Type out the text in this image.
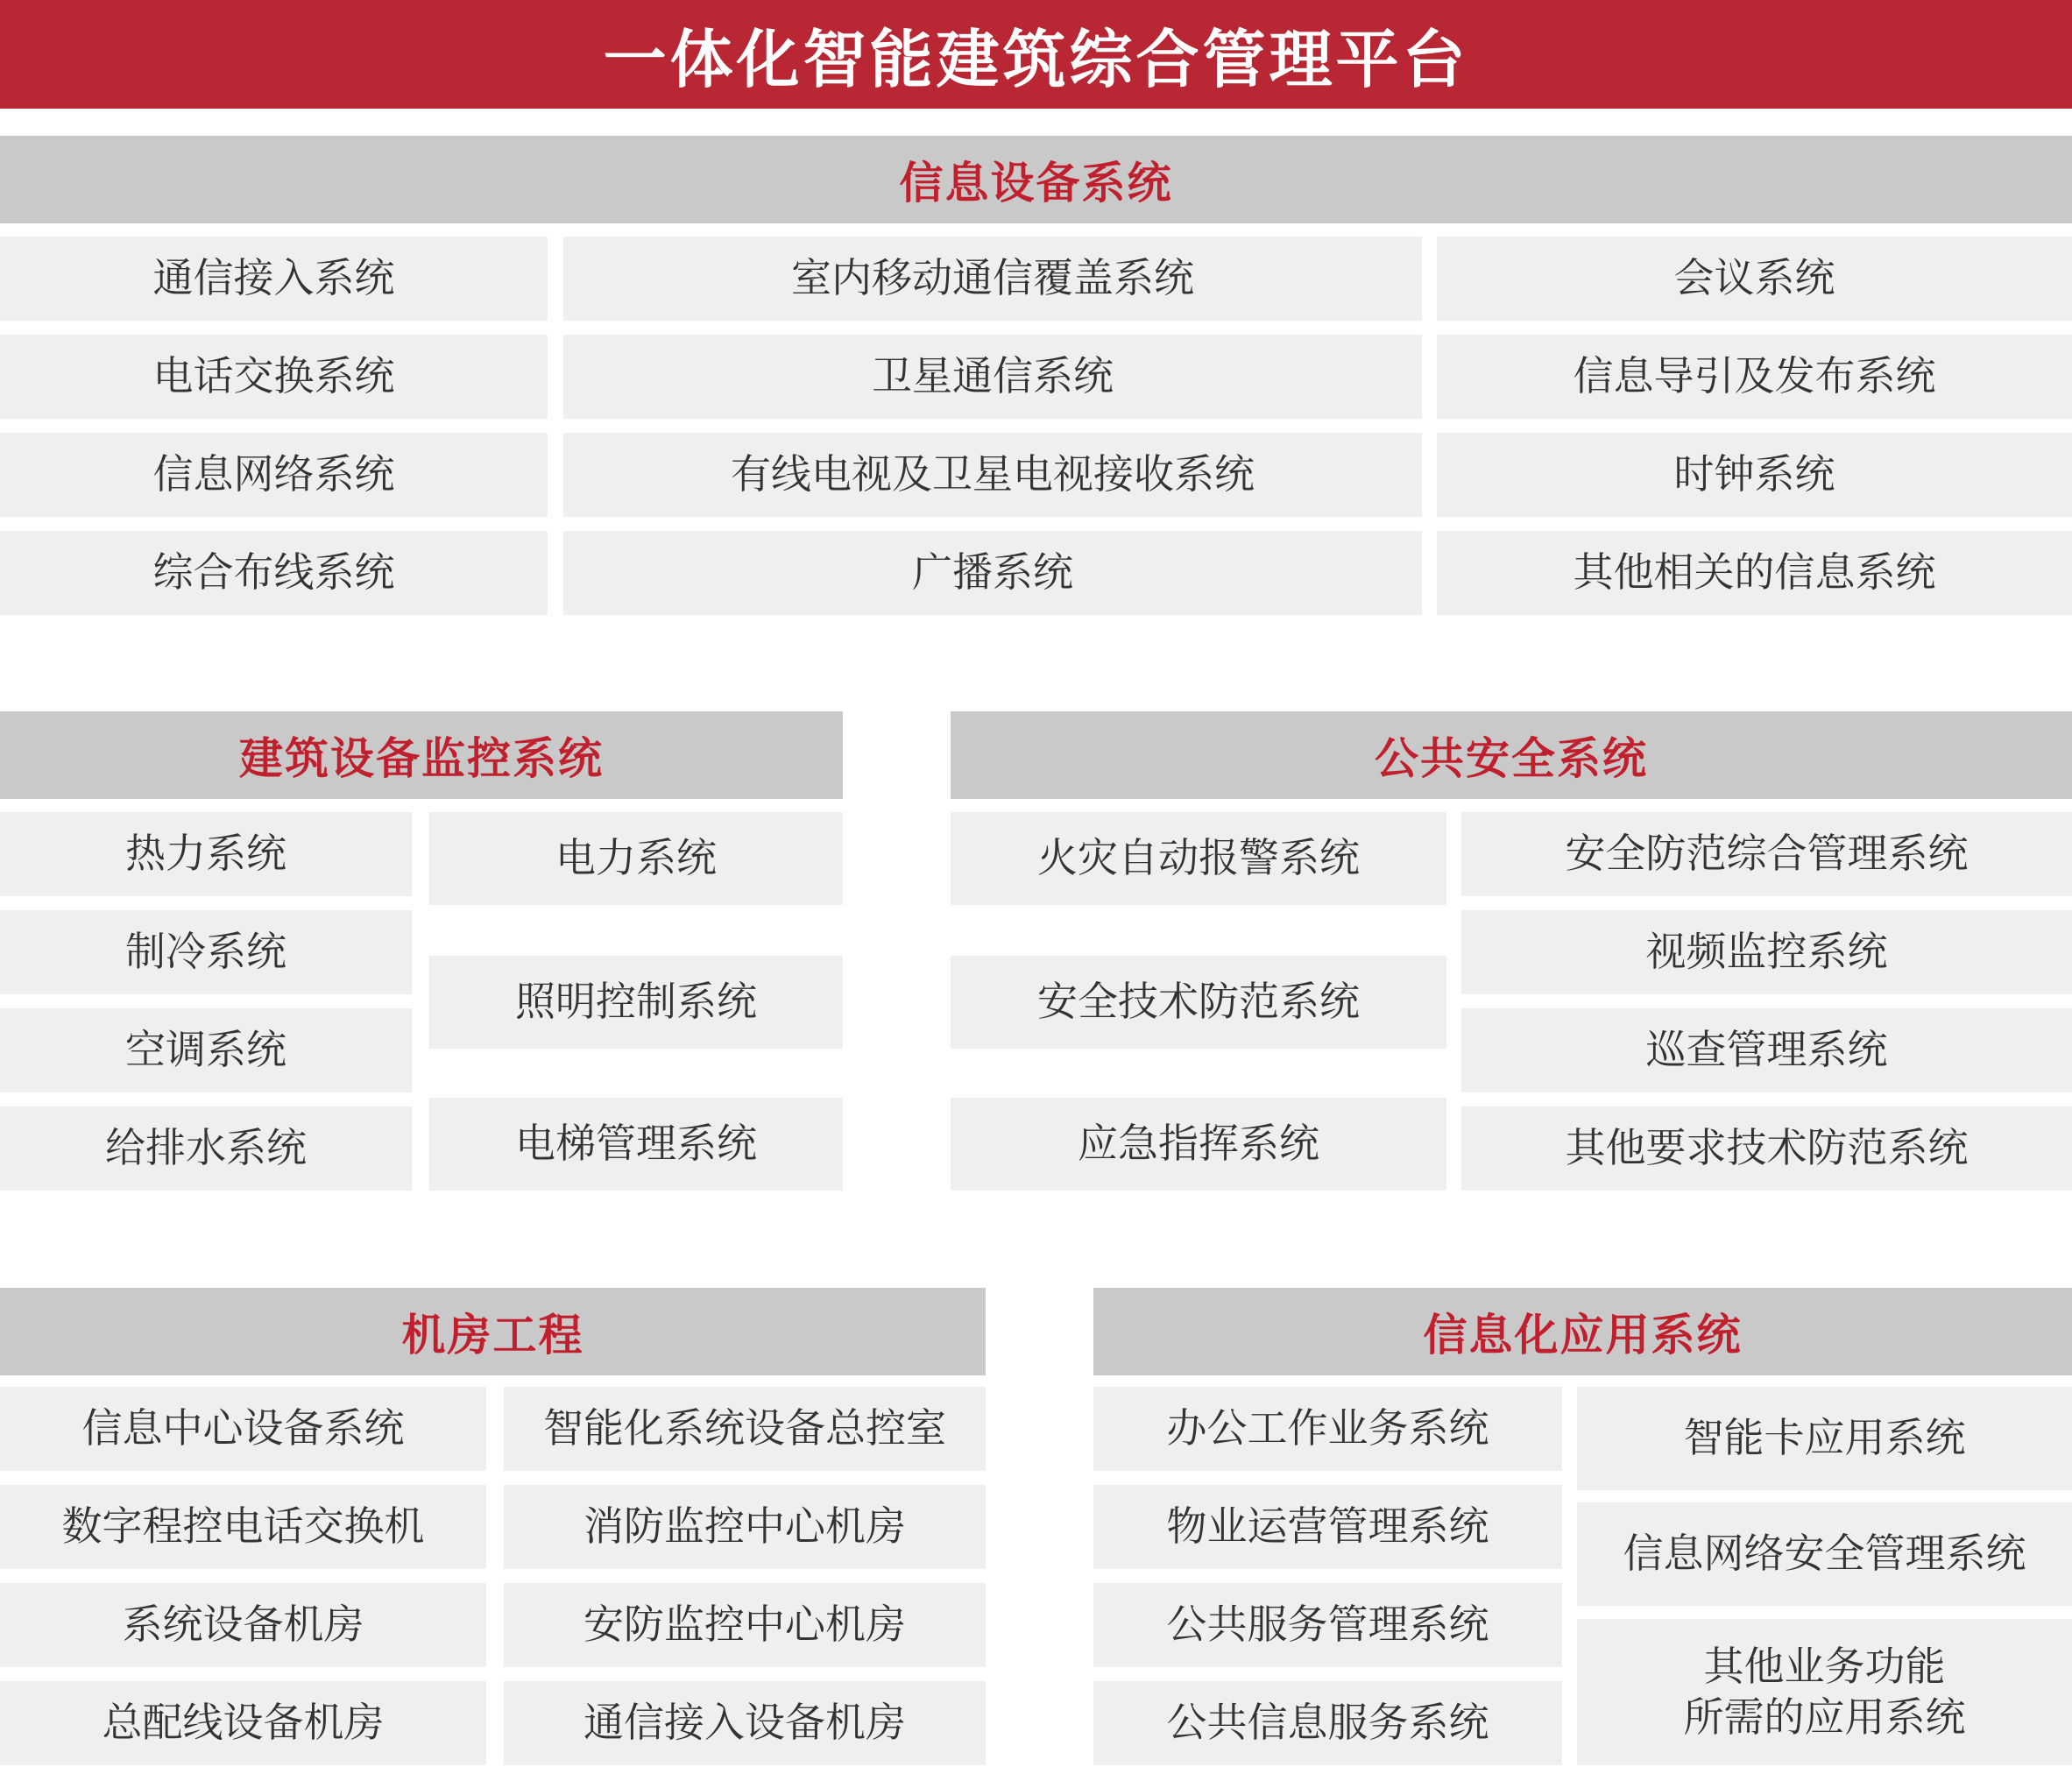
一体化智能建筑综合管理平台
信息设备系统
通信接入系统
电话交换系统
信息网络系统
综合布线系统
室内移动通信覆盖系统
卫星通信系统
有线电视及卫星电视接收系统
广播系统
会议系统
信息导引及发布系统
时钟系统
其他相关的信息系统
建筑设备监控系统
热力系统
制冷系统
空调系统
给排水系统
电力系统
照明控制系统
电梯管理系统
公共安全系统
火灾自动报警系统
安全技术防范系统
应急指挥系统
安全防范综合管理系统
视频监控系统
巡查管理系统
其他要求技术防范系统
机房工程
信息中心设备系统
数字程控电话交换机
系统设备机房
总配线设备机房
智能化系统设备总控室
消防监控中心机房
安防监控中心机房
通信接入设备机房
信息化应用系统
办公工作业务系统
物业运营管理系统
公共服务管理系统
公共信息服务系统
智能卡应用系统
信息网络安全管理系统
其他业务功能
所需的应用系统
